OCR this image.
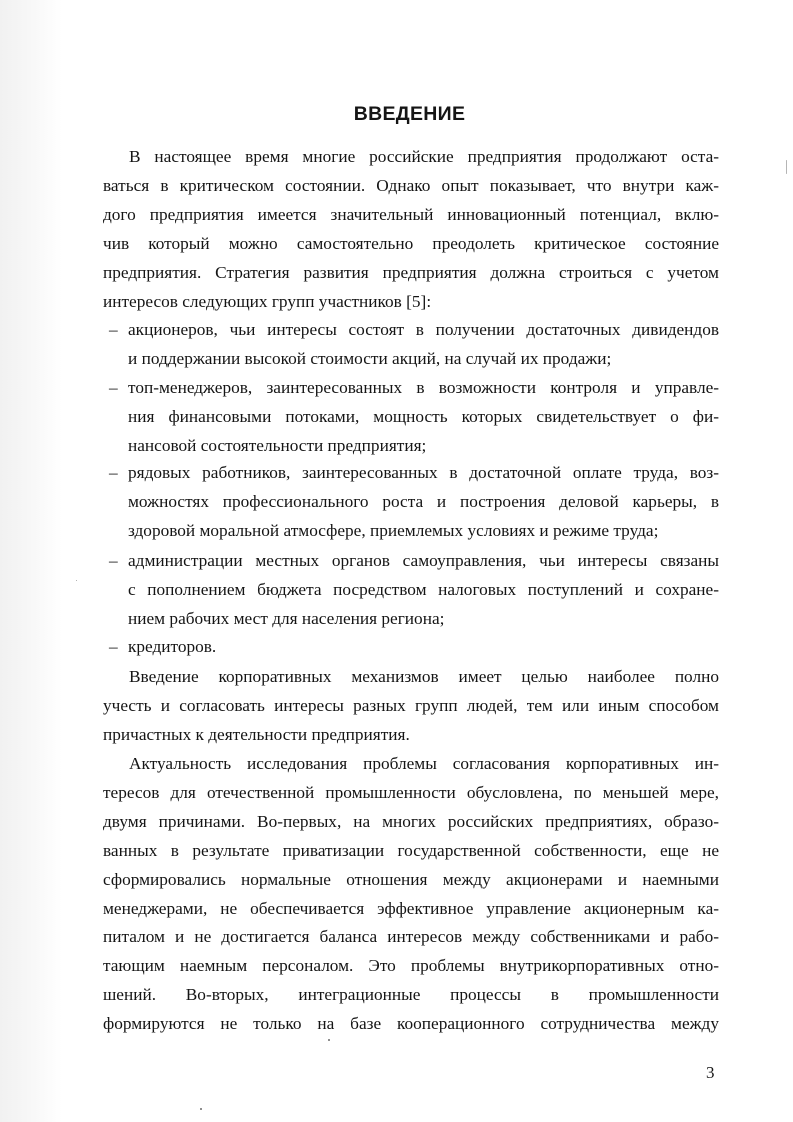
ВВЕДЕНИЕ

В настоящее время многие российские предприятия продолжают оста-
ваться в критическом состоянии. Однако опыт показывает, что внутри каж-
дого предприятия имеется значительный инновационный потенциал, вклю-
чив который можно самостоятельно преодолеть критическое состояние
предприятия. Стратегия развития предприятия должна строиться с учетом
интересов следующих групп участников [5]:

– акционеров, чьи интересы состоят в получении достаточных дивидендов
и поддержании высокой стоимости акций, на случай их продажи;
– топ-менеджеров, заинтересованных в возможности контроля и управле-
ния финансовыми потоками, мощность которых свидетельствует о фи-
нансовой состоятельности предприятия;
– рядовых работников, заинтересованных в достаточной оплате труда, воз-
можностях профессионального роста и построения деловой карьеры, в
здоровой моральной атмосфере, приемлемых условиях и режиме труда;
– администрации местных органов самоуправления, чьи интересы связаны
с пополнением бюджета посредством налоговых поступлений и сохране-
нием рабочих мест для населения региона;
– кредиторов.

Введение корпоративных механизмов имеет целью наиболее полно
учесть и согласовать интересы разных групп людей, тем или иным способом
причастных к деятельности предприятия.

Актуальность исследования проблемы согласования корпоративных ин-
тересов для отечественной промышленности обусловлена, по меньшей мере,
двумя причинами. Во-первых, на многих российских предприятиях, образо-
ванных в результате приватизации государственной собственности, еще не
сформировались нормальные отношения между акционерами и наемными
менеджерами, не обеспечивается эффективное управление акционерным ка-
питалом и не достигается баланса интересов между собственниками и рабо-
тающим наемным персоналом. Это проблемы внутрикорпоративных отно-
шений. Во-вторых, интеграционные процессы в промышленности
формируются не только на базе кооперационного сотрудничества между

3
